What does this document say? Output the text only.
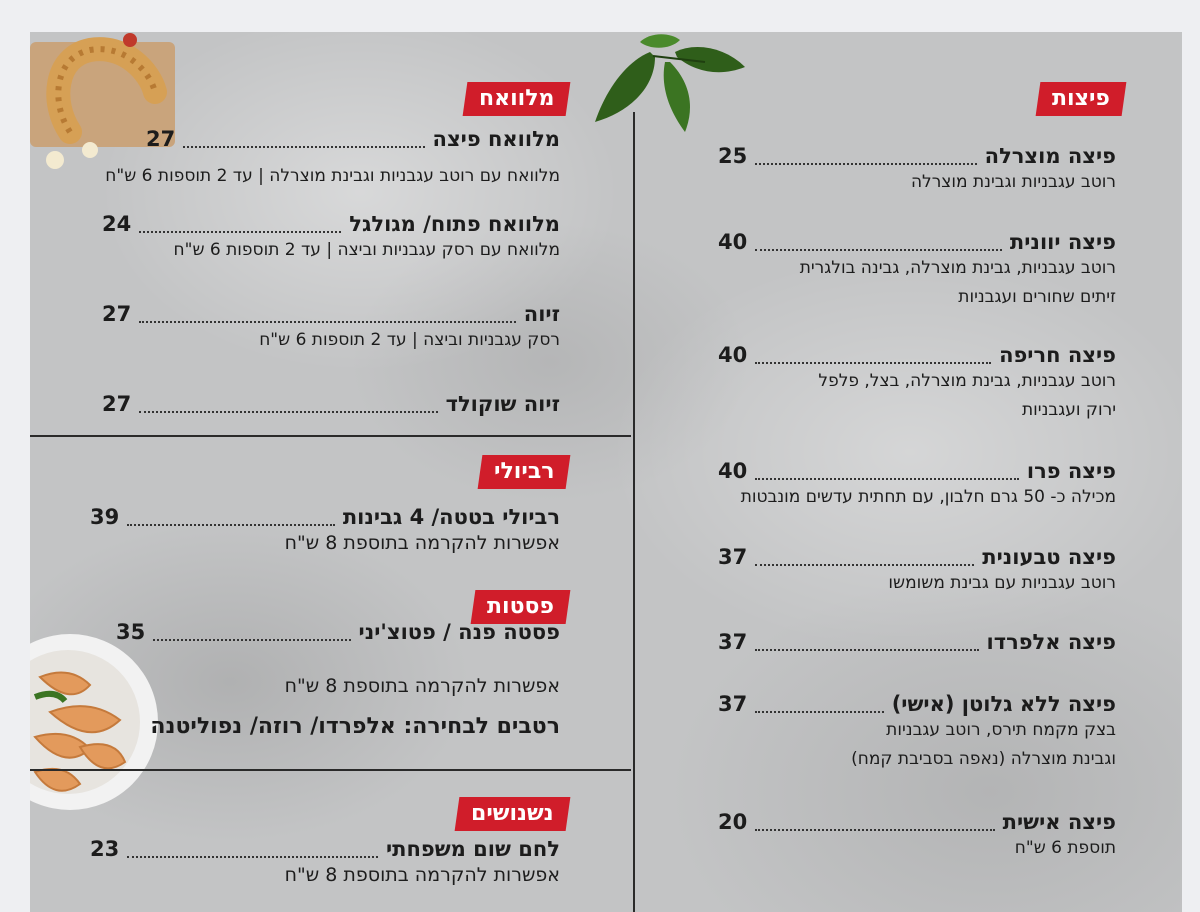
פיצות
פיצה מוצרלה
25
רוטב עגבניות וגבינת מוצרלה
פיצה יוונית
40
רוטב עגבניות, גבינת מוצרלה, גבינה בולגרית
זיתים שחורים ועגבניות
פיצה חריפה
40
רוטב עגבניות, גבינת מוצרלה, בצל, פלפל
ירוק ועגבניות
פיצה פרו
40
מכילה כ- 50 גרם חלבון, עם תחתית עדשים מונבטות
פיצה טבעונית
37
רוטב עגבניות עם גבינת משומשו
פיצה אלפרדו
37
פיצה ללא גלוטן (אישי)
37
בצק מקמח תירס, רוטב עגבניות
וגבינת מוצרלה (נאפה בסביבת קמח)
פיצה אישית
20
תוספת 6 ש"ח
מלוואח
מלוואח פיצה
27
מלוואח עם רוטב עגבניות וגבינת מוצרלה | עד 2 תוספות 6 ש"ח
מלוואח פתוח/ מגולגל
24
מלוואח עם רסק עגבניות וביצה | עד 2 תוספות 6 ש"ח
זיוה
27
רסק עגבניות וביצה | עד 2 תוספות 6 ש"ח
זיוה שוקולד
27
רביולי
רביולי בטטה/ 4 גבינות
39
אפשרות להקרמה בתוספת 8 ש"ח
פסטות
פסטה פנה / פטוצ'יני
35
אפשרות להקרמה בתוספת 8 ש"ח
רטבים לבחירה: אלפרדו/ רוזה/ נפוליטנה
נשנושים
לחם שום משפחתי
23
אפשרות להקרמה בתוספת 8 ש"ח
